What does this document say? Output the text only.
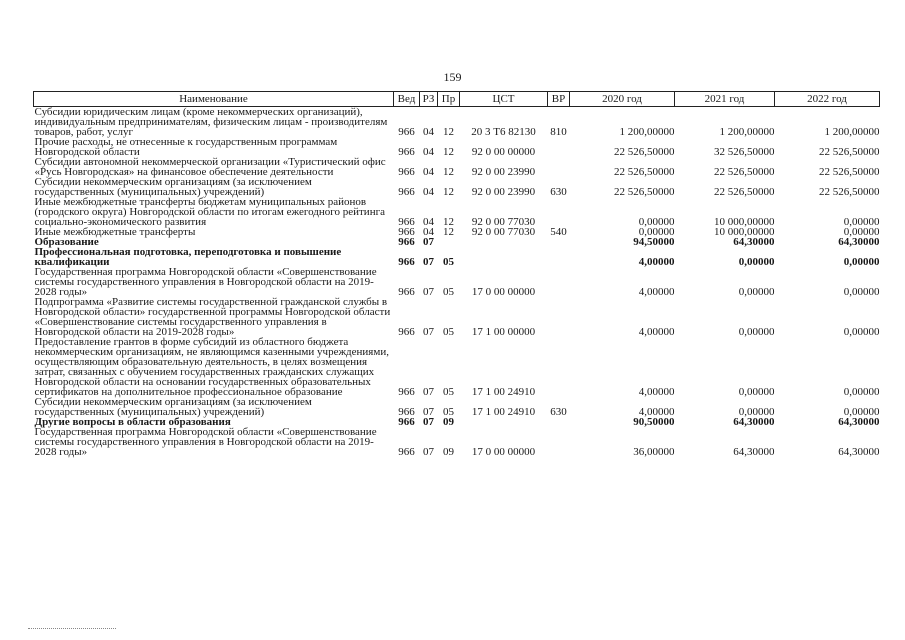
159
Наименование	Вед	РЗ	Пр	ЦСТ	ВР	2020 год	2021 год	2022 год
Субсидии юридическим лицам (кроме некоммерческих организаций), индивидуальным предпринимателям, физическим лицам - производителям товаров, работ, услуг	966	04	12	20 3 Т6 82130	810	1 200,00000	1 200,00000	1 200,00000
Прочие расходы, не отнесенные к государственным программам Новгородской области	966	04	12	92 0 00 00000		22 526,50000	32 526,50000	22 526,50000
Субсидии автономной некоммерческой организации «Туристический офис «Русь Новгородская» на финансовое обеспечение деятельности	966	04	12	92 0 00 23990		22 526,50000	22 526,50000	22 526,50000
Субсидии некоммерческим организациям (за исключением государственных (муниципальных) учреждений)	966	04	12	92 0 00 23990	630	22 526,50000	22 526,50000	22 526,50000
Иные межбюджетные трансферты бюджетам муниципальных районов (городского округа) Новгородской области по итогам ежегодного рейтинга социально-экономического развития	966	04	12	92 0 00 77030		0,00000	10 000,00000	0,00000
Иные межбюджетные трансферты	966	04	12	92 0 00 77030	540	0,00000	10 000,00000	0,00000
Образование	966	07				94,50000	64,30000	64,30000
Профессиональная подготовка, переподготовка и повышение квалификации	966	07	05			4,00000	0,00000	0,00000
Государственная программа Новгородской области «Совершенствование системы государственного управления в Новгородской области на 2019-2028 годы»	966	07	05	17 0 00 00000		4,00000	0,00000	0,00000
Подпрограмма «Развитие системы государственной гражданской службы в Новгородской области» государственной программы Новгородской области «Совершенствование системы государственного управления в Новгородской области на 2019-2028 годы»	966	07	05	17 1 00 00000		4,00000	0,00000	0,00000
Предоставление грантов в форме субсидий из областного бюджета некоммерческим организациям, не являющимся казенными учреждениями, осуществляющим образовательную деятельность, в целях возмещения затрат, связанных с обучением государственных гражданских служащих Новгородской области на основании государственных образовательных сертификатов на дополнительное профессиональное образование	966	07	05	17 1 00 24910		4,00000	0,00000	0,00000
Субсидии некоммерческим организациям (за исключением государственных (муниципальных) учреждений)	966	07	05	17 1 00 24910	630	4,00000	0,00000	0,00000
Другие вопросы в области образования	966	07	09			90,50000	64,30000	64,30000
Государственная программа Новгородской области «Совершенствование системы государственного управления в Новгородской области на 2019-2028 годы»	966	07	09	17 0 00 00000		36,00000	64,30000	64,30000
